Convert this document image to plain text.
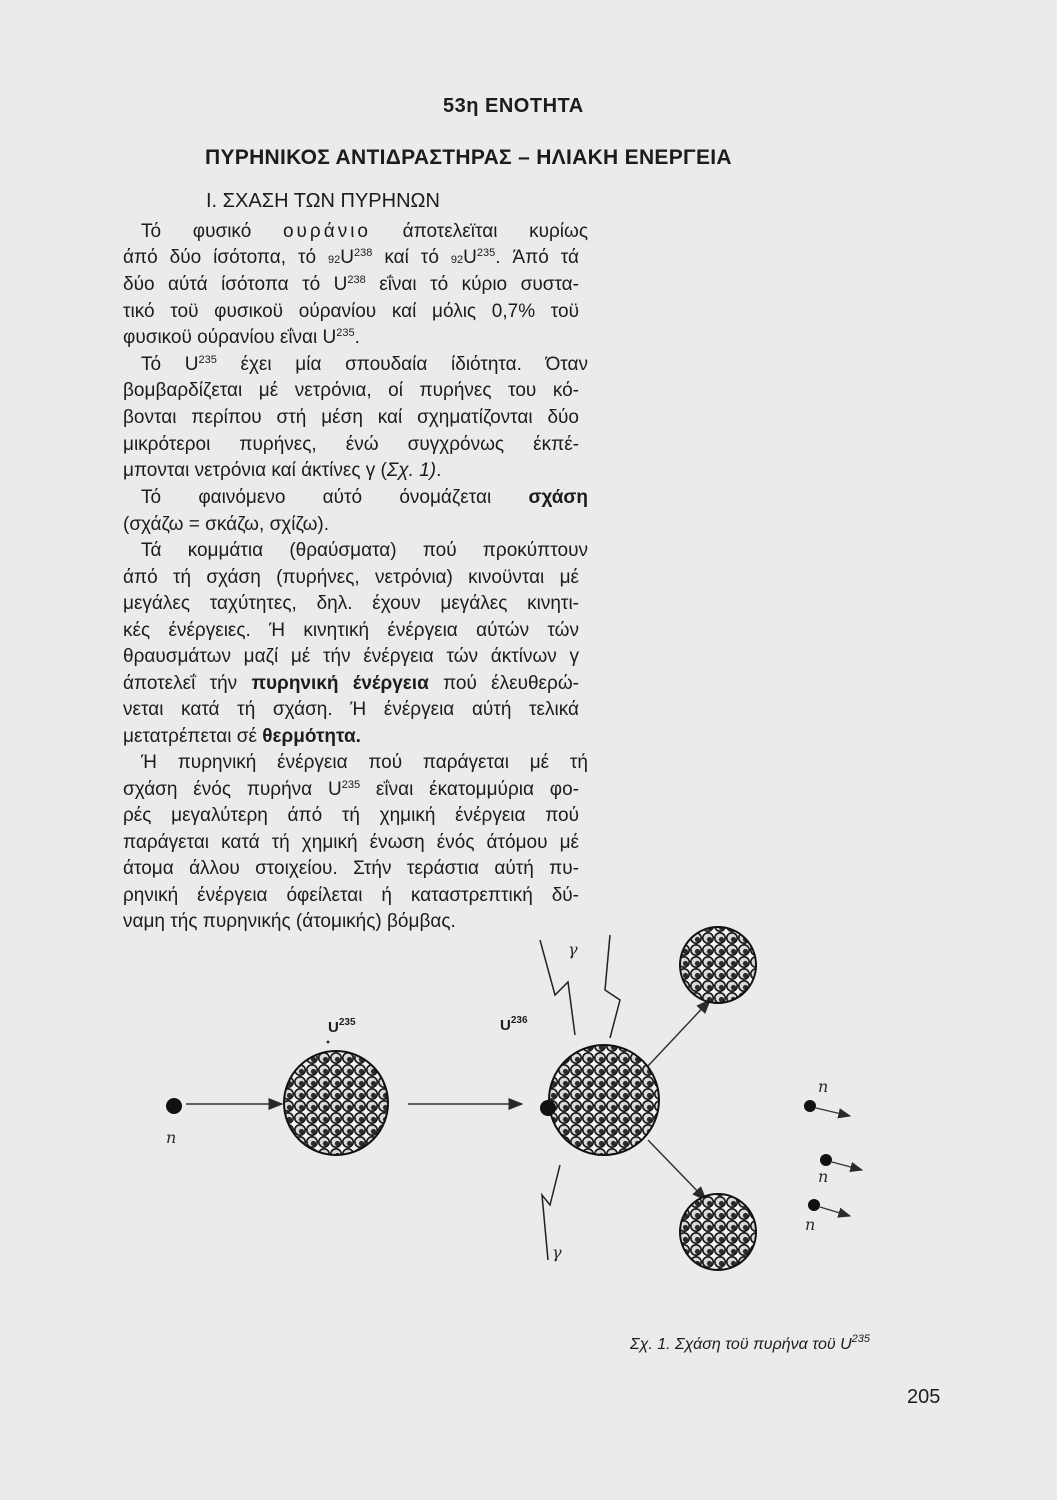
53η ΕΝΟΤΗΤΑ
ΠΥΡΗΝΙΚΟΣ ΑΝΤΙΔΡΑΣΤΗΡΑΣ – ΗΛΙΑΚΗ ΕΝΕΡΓΕΙΑ
Ι. ΣΧΑΣΗ ΤΩΝ ΠΥΡΗΝΩΝ
Τό φυσικό ουράνιο άποτελεϊται κυρίως
άπό δύο ίσότοπα, τό $92U^{238}$ καί τό $92U^{235}$. Άπό τά
δύο αύτά ίσότοπα τό $U^{238}$ εΐναι τό κύριο συστα-
τικό τοϋ φυσικοϋ ούρανίου καί μόλις 0,7% τοϋ
φυσικοϋ ούρανίου εΐναι $U^{235}$.
Τό $U^{235}$ έχει μία σπουδαία ίδιότητα. Όταν
βομβαρδίζεται μέ νετρόνια, οί πυρήνες του κό-
βονται περίπου στή μέση καί σχηματίζονται δύο
μικρότεροι πυρήνες, ένώ συγχρόνως έκπέ-
μπονται νετρόνια καί άκτίνες γ (Σχ. 1).
Τό φαινόμενο αύτό όνομάζεται σχάση
(σχάζω = σκάζω, σχίζω).
Τά κομμάτια (θραύσματα) πού προκύπτουν
άπό τή σχάση (πυρήνες, νετρόνια) κινοϋνται μέ
μεγάλες ταχύτητες, δηλ. έχουν μεγάλες κινητι-
κές ένέργειες. Ή κινητική ένέργεια αύτών τών
θραυσμάτων μαζί μέ τήν ένέργεια τών άκτίνων γ
άποτελεΐ τήν πυρηνική ένέργεια πού έλευθερώ-
νεται κατά τή σχάση. Ή ένέργεια αύτή τελικά
μετατρέπεται σέ θερμότητα.
Ή πυρηνική ένέργεια πού παράγεται μέ τή
σχάση ένός πυρήνα $U^{235}$ εΐναι έκατομμύρια φο-
ρές μεγαλύτερη άπό τή χημική ένέργεια πού
παράγεται κατά τή χημική ένωση ένός άτόμου μέ
άτομα άλλου στοιχείου. Στήν τεράστια αύτή πυ-
ρηνική ένέργεια όφείλεται ή καταστρεπτική δύ-
ναμη τής πυρηνικής (άτομικής) βόμβας.
n
$U^{235}$	$U^{236}$
γ
γ
n
n
n
Σχ. 1. Σχάση τοϋ πυρήνα τοϋ $U^{235}$
205
